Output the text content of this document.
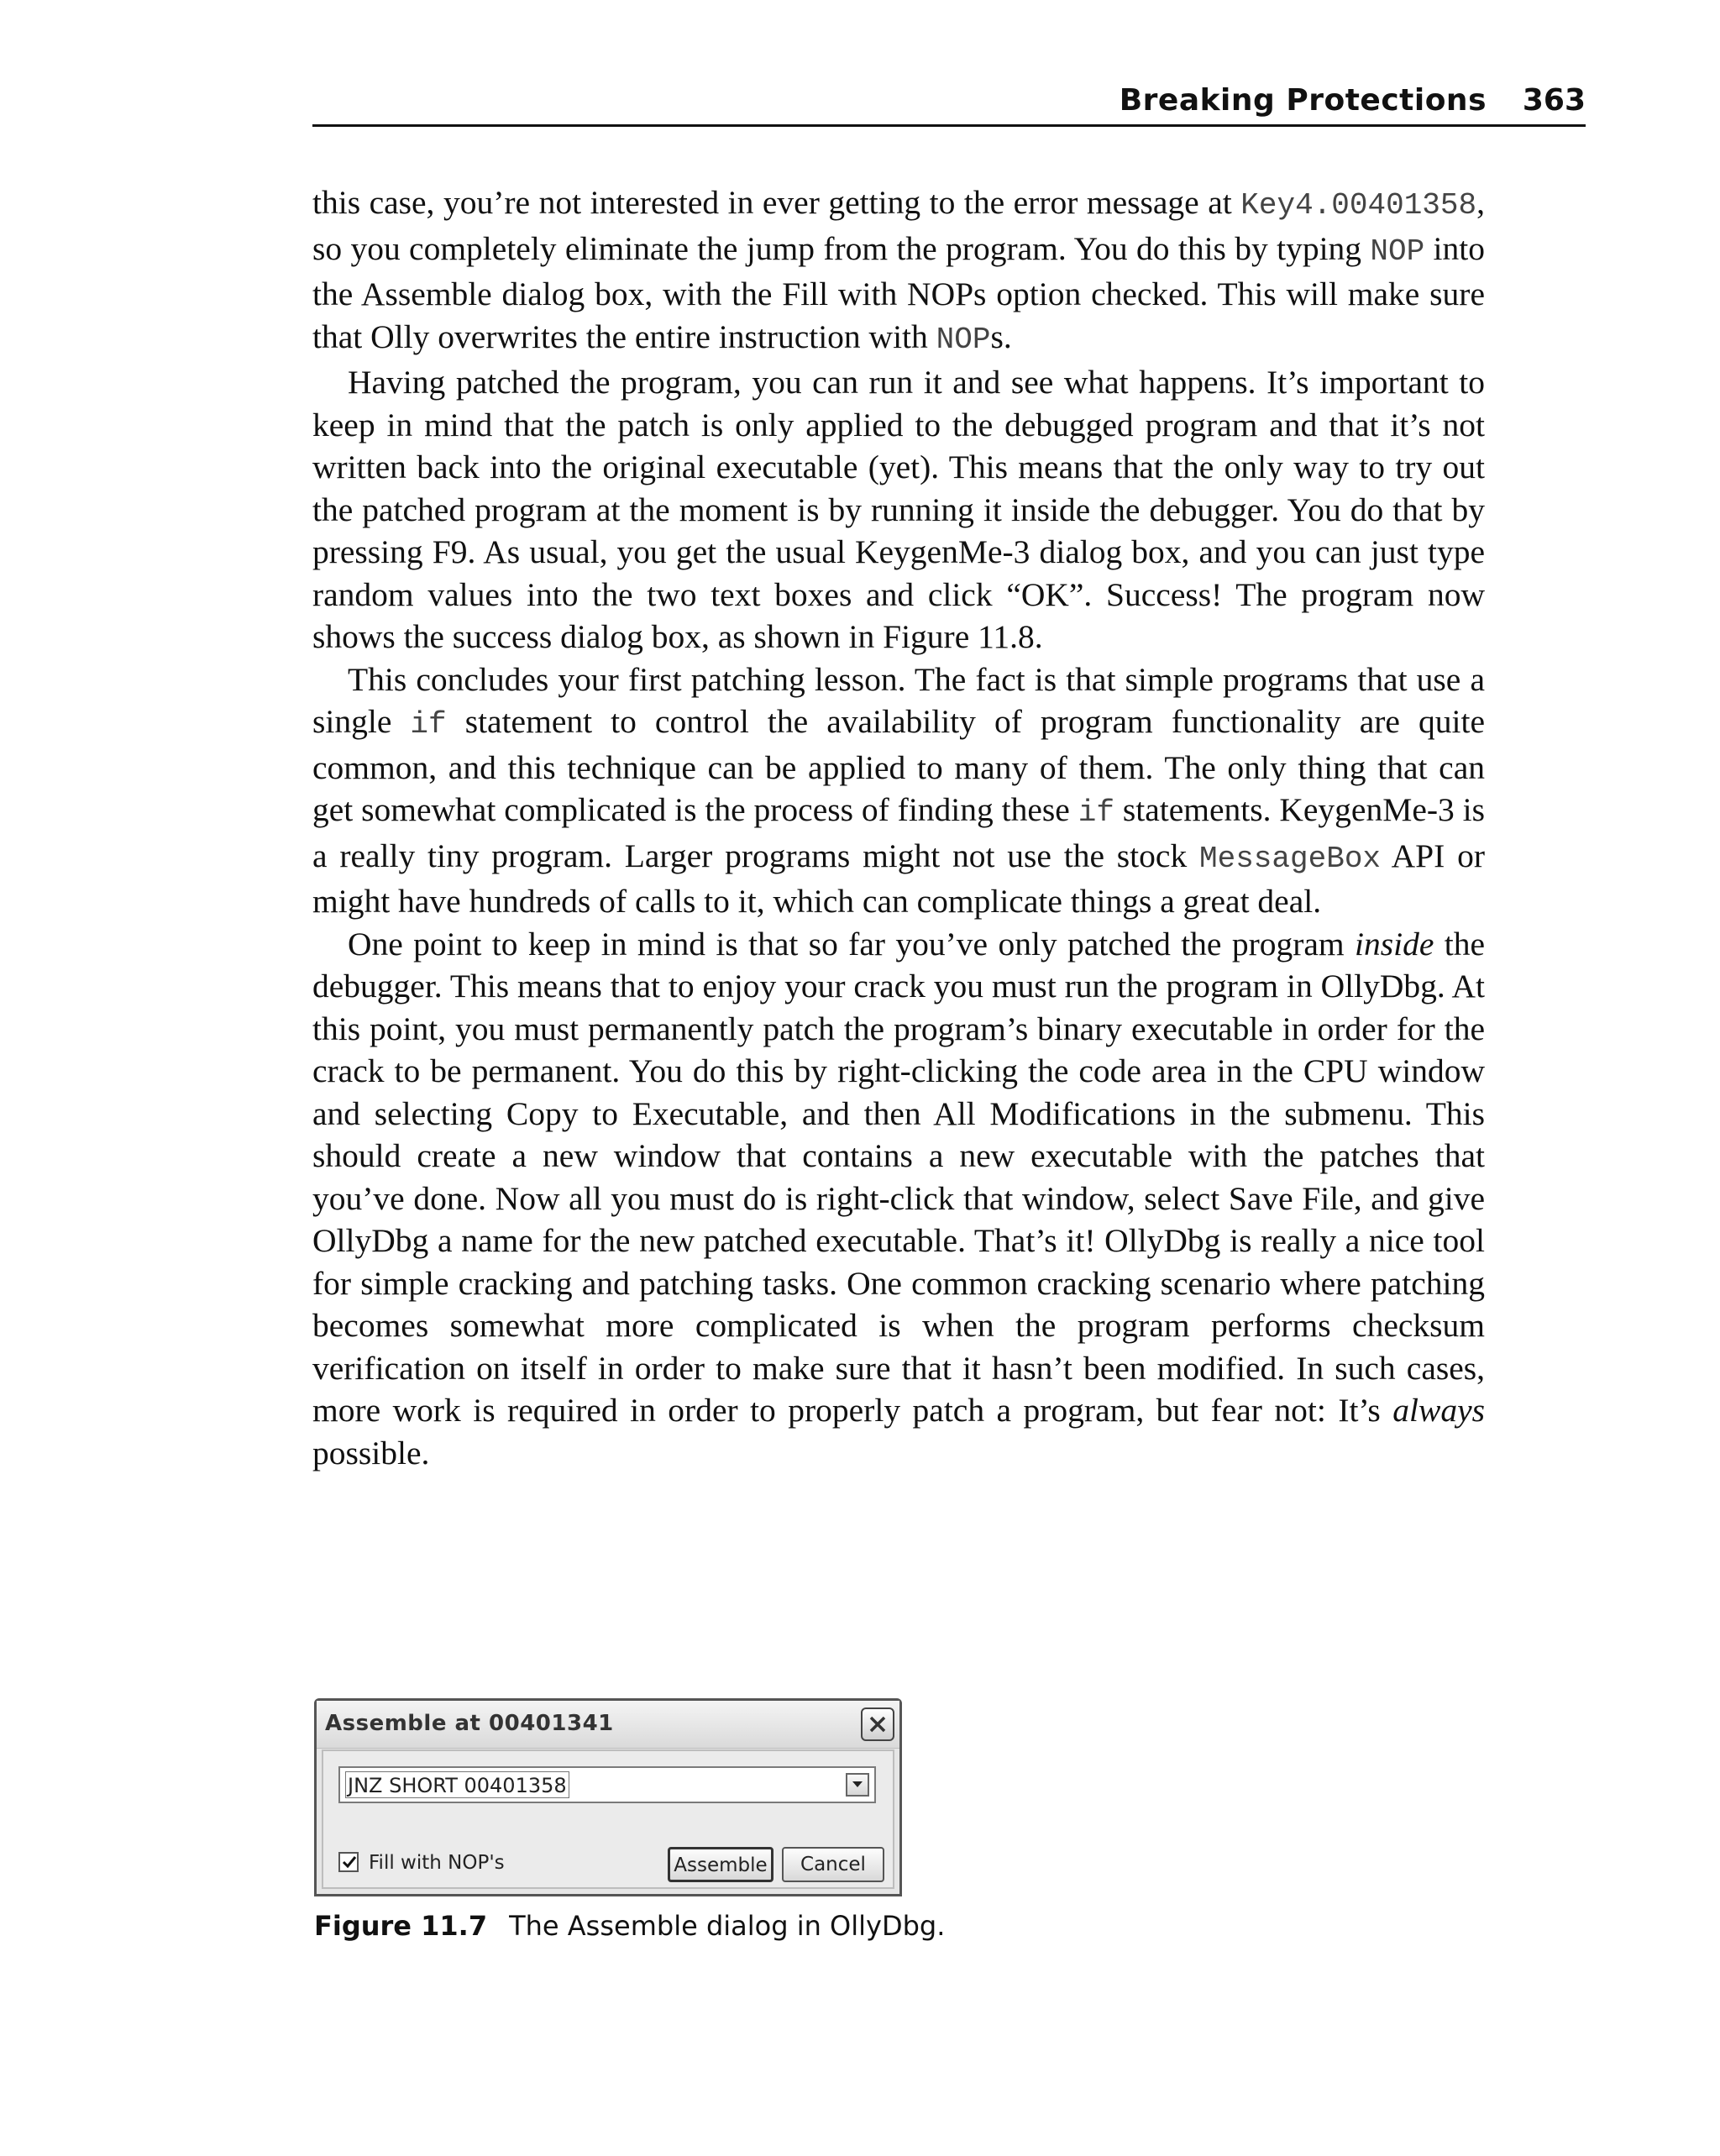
Breaking Protections 363

this case, you’re not interested in ever getting to the error message at Key4.00401358, so you completely eliminate the jump from the program. You do this by typing NOP into the Assemble dialog box, with the Fill with NOPs option checked. This will make sure that Olly overwrites the entire instruction with NOPs.

Having patched the program, you can run it and see what happens. It’s important to keep in mind that the patch is only applied to the debugged program and that it’s not written back into the original executable (yet). This means that the only way to try out the patched program at the moment is by running it inside the debugger. You do that by pressing F9. As usual, you get the usual KeygenMe-3 dialog box, and you can just type random values into the two text boxes and click “OK”. Success! The program now shows the success dialog box, as shown in Figure 11.8.

This concludes your first patching lesson. The fact is that simple programs that use a single if statement to control the availability of program functionality are quite common, and this technique can be applied to many of them. The only thing that can get somewhat complicated is the process of finding these if statements. KeygenMe-3 is a really tiny program. Larger programs might not use the stock MessageBox API or might have hundreds of calls to it, which can complicate things a great deal.

One point to keep in mind is that so far you’ve only patched the program inside the debugger. This means that to enjoy your crack you must run the program in OllyDbg. At this point, you must permanently patch the program’s binary executable in order for the crack to be permanent. You do this by right-clicking the code area in the CPU window and selecting Copy to Executable, and then All Modifications in the submenu. This should create a new window that contains a new executable with the patches that you’ve done. Now all you must do is right-click that window, select Save File, and give OllyDbg a name for the new patched executable. That’s it! OllyDbg is really a nice tool for simple cracking and patching tasks. One common cracking scenario where patching becomes somewhat more complicated is when the program performs checksum verification on itself in order to make sure that it hasn’t been modified. In such cases, more work is required in order to properly patch a program, but fear not: It’s always possible.

Assemble at 00401341
JNZ SHORT 00401358
Fill with NOP's	Assemble	Cancel
Figure 11.7 The Assemble dialog in OllyDbg.
